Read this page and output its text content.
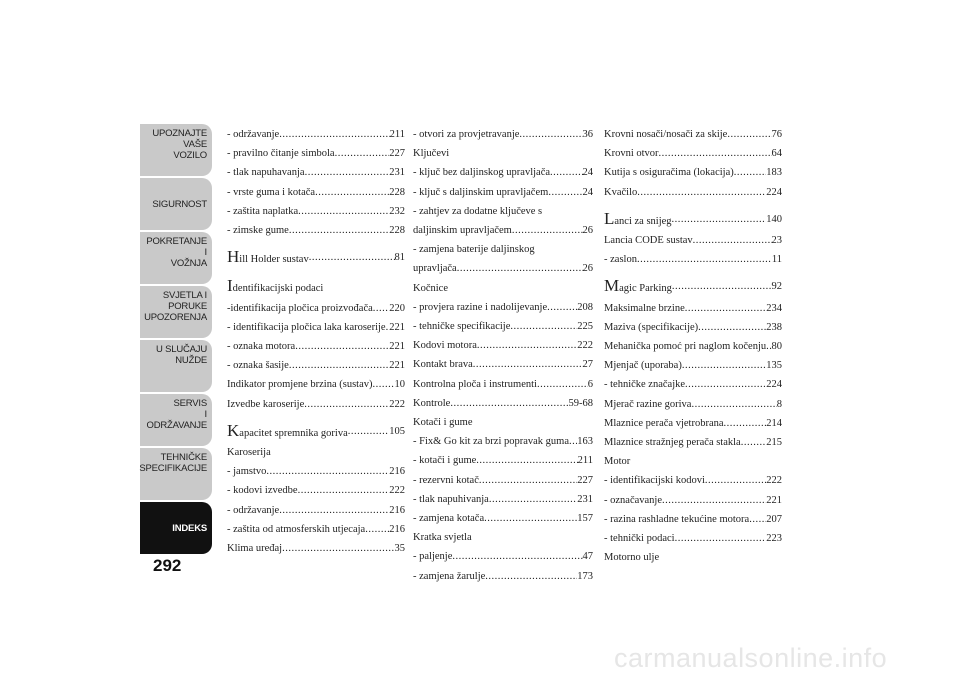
UPOZNAJTE
VAŠE
VOZILO
SIGURNOST
POKRETANJE
I
VOŽNJA
SVJETLA I
PORUKE
UPOZORENJA
U SLUČAJU
NUŽDE
SERVIS
I
ODRŽAVANJE
TEHNIČKE
SPECIFIKACIJE
INDEKS
292
- održavanje .....	211
- pravilno čitanje simbola .....	227
- tlak napuhavanja .....	231
- vrste guma i kotača .....	228
- zaštita naplatka .....	232
- zimske gume .....	228
Hill Holder sustav .....	81
Identifikacijski podaci
-identifikacija pločica proizvođača ..... 220
- identifikacija pločica laka karoserije ..... 221
- oznaka motora .....	221
- oznaka šasije .....	221
Indikator promjene brzina (sustav) ..... 10
Izvedbe karoserije .....	222
Kapacitet spremnika goriva .....	105
Karoserija
- jamstvo .....	216
- kodovi izvedbe .....	222
- održavanje .....	216
- zaštita od atmosferskih utjecaja ..... 216
Klima uređaj .....	35
- otvori za provjetravanje .....	36
Ključevi
- ključ bez daljinskog upravljača .....	24
- ključ s daljinskim upravljačem .....	24
- zahtjev za dodatne ključeve s
daljinskim upravljačem .....	26
- zamjena baterije daljinskog
upravljača .....	26
Kočnice
- provjera razine i nadolijevanje .....	208
- tehničke specifikacije .....	225
Kodovi motora .....	222
Kontakt brava .....	27
Kontrolna ploča i instrumenti .....	6
Kontrole .....	59-68
Kotači i gume
- Fix& Go kit za brzi popravak guma ..... 163
- kotači i gume .....	211
- rezervni kotač .....	227
- tlak napuhivanja .....	231
- zamjena kotača .....	157
Kratka svjetla
- paljenje .....	47
- zamjena žarulje .....	173
Krovni nosači/nosači za skije .....	76
Krovni otvor .....	64
Kutija s osiguračima (lokacija) .....	183
Kvačilo .....	224
Lanci za snijeg .....	140
Lancia CODE sustav .....	23
- zaslon .....	11
Magic Parking .....	92
Maksimalne brzine .....	234
Maziva (specifikacije) .....	238
Mehanička pomoć pri naglom kočenju ..... 80
Mjenjač (uporaba) .....	135
- tehničke značajke .....	224
Mjerač razine goriva .....	8
Mlaznice perača vjetrobrana .....	214
Mlaznice stražnjeg perača stakla ..... 215
Motor
- identifikacijski kodovi .....	222
- označavanje .....	221
- razina rashladne tekućine motora ..... 207
- tehnički podaci .....	223
Motorno ulje
carmanualsonline.info
